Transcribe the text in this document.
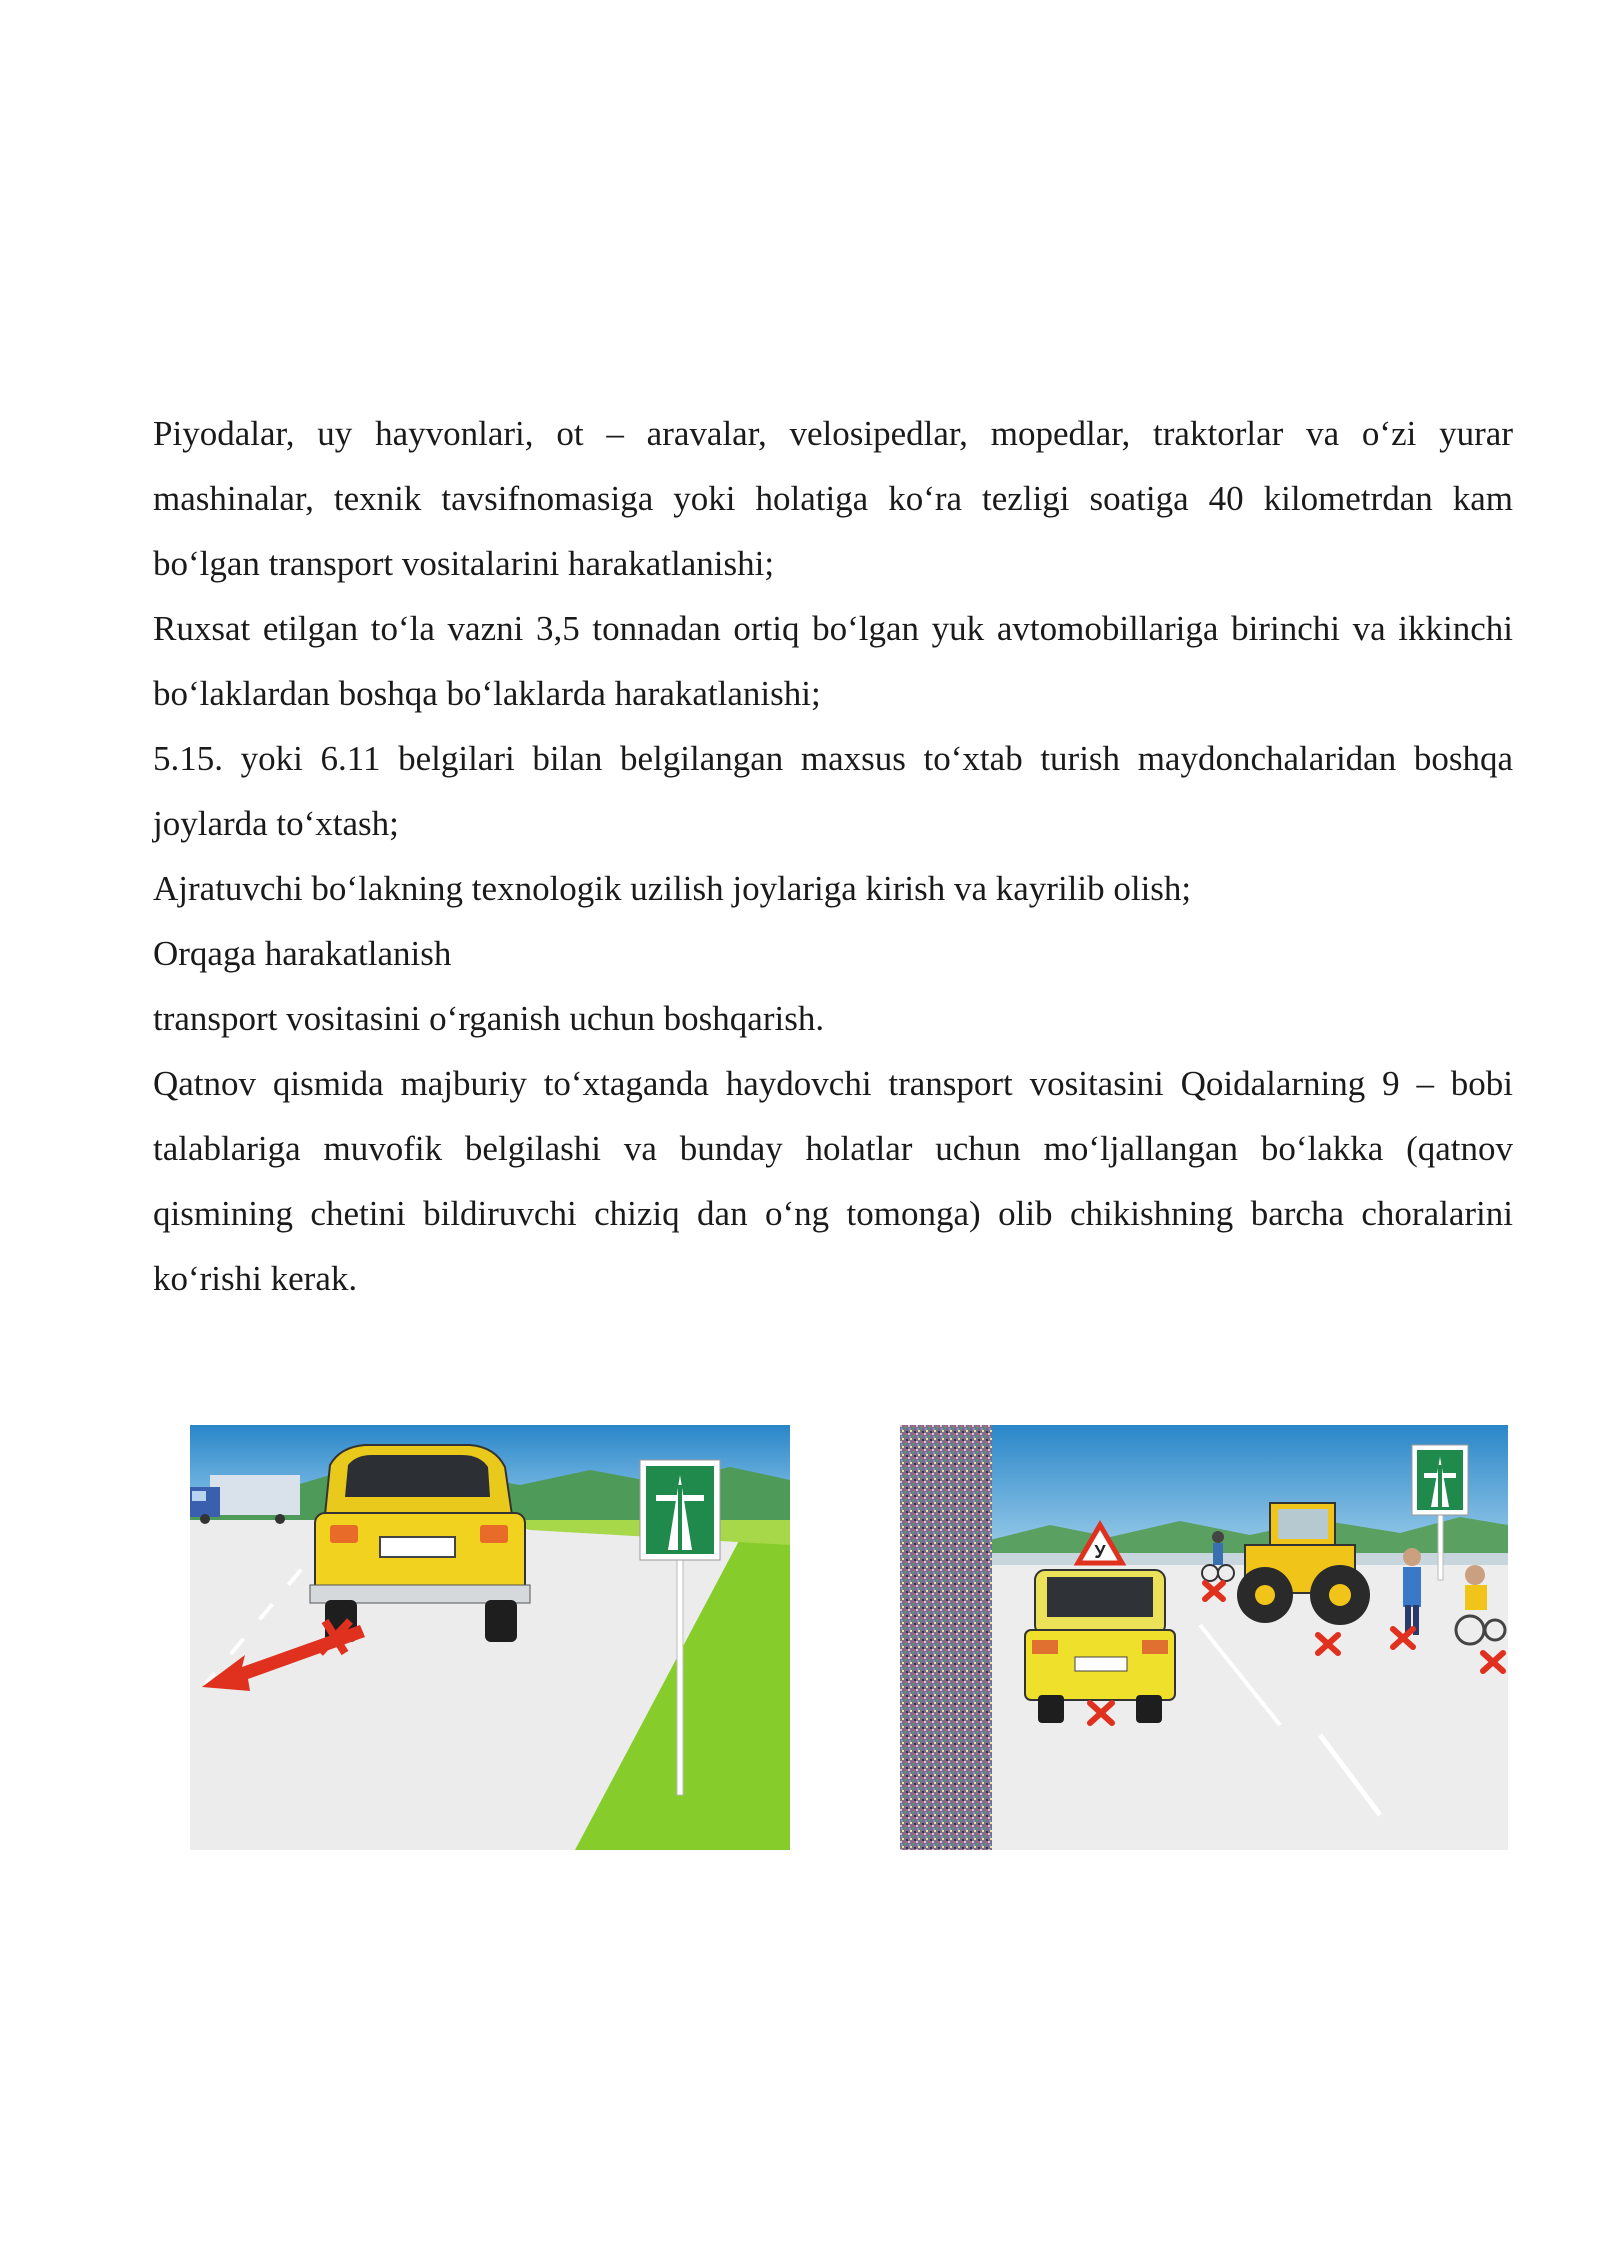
Piyodalar, uy hayvonlari, ot – aravalar, velosipedlar, mopedlar, traktorlar va o‘zi yurar mashinalar, texnik tavsifnomasiga yoki holatiga ko‘ra tezligi soatiga 40 kilometrdan kam bo‘lgan transport vositalarini harakatlanishi;

Ruxsat etilgan to‘la vazni 3,5 tonnadan ortiq bo‘lgan yuk avtomobillariga birinchi va ikkinchi bo‘laklardan boshqa bo‘laklarda harakatlanishi;

5.15. yoki 6.11 belgilari bilan belgilangan maxsus to‘xtab turish maydonchalaridan boshqa joylarda to‘xtash;

Ajratuvchi bo‘lakning texnologik uzilish joylariga kirish va kayrilib olish;

Orqaga harakatlanish

transport vositasini o‘rganish uchun boshqarish.

Qatnov qismida majburiy to‘xtaganda haydovchi transport vositasini Qoidalarning 9 – bobi talablariga muvofik belgilashi va bunday holatlar uchun mo‘ljallangan bo‘lakka (qatnov qismining chetini bildiruvchi chiziq dan o‘ng tomonga) olib chikishning barcha choralarini ko‘rishi kerak.

У
